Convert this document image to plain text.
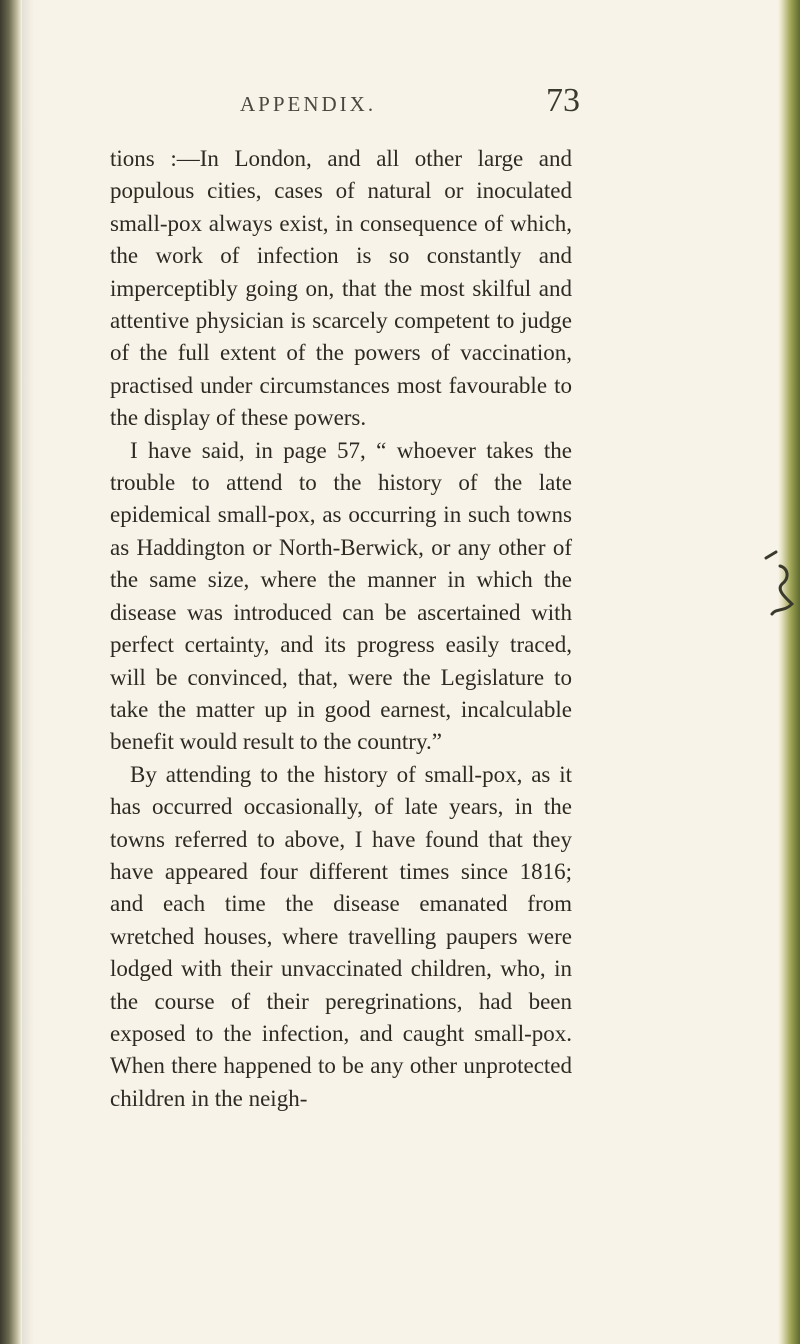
APPENDIX.	73

tions :—In London, and all other large and populous cities, cases of natural or inoculated small-pox always exist, in consequence of which, the work of infection is so constantly and imperceptibly going on, that the most skilful and attentive physician is scarcely competent to judge of the full extent of the powers of vaccination, practised under circumstances most favourable to the display of these powers.

I have said, in page 57, “ whoever takes the trouble to attend to the history of the late epidemical small-pox, as occurring in such towns as Haddington or North-Berwick, or any other of the same size, where the manner in which the disease was introduced can be ascertained with perfect certainty, and its progress easily traced, will be convinced, that, were the Legislature to take the matter up in good earnest, incalculable benefit would result to the country.”

By attending to the history of small-pox, as it has occurred occasionally, of late years, in the towns referred to above, I have found that they have appeared four different times since 1816; and each time the disease emanated from wretched houses, where travelling paupers were lodged with their unvaccinated children, who, in the course of their peregrinations, had been exposed to the infection, and caught small-pox. When there happened to be any other unprotected children in the neigh-
